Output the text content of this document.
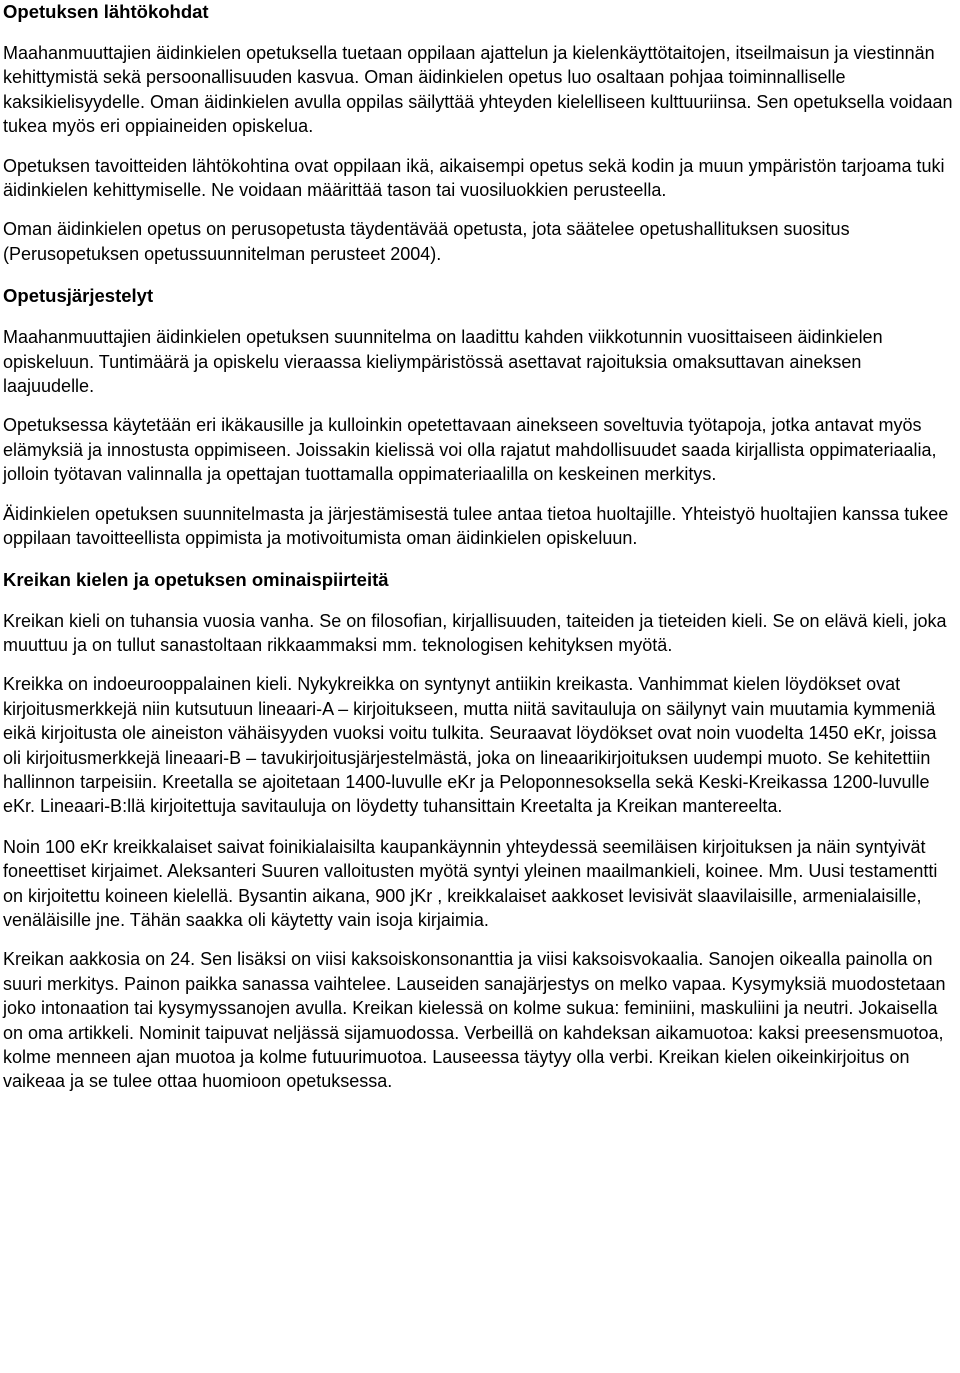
Opetuksen lähtökohdat

Maahanmuuttajien äidinkielen opetuksella tuetaan oppilaan ajattelun ja kielenkäyttötaitojen, itseilmaisun ja viestinnän kehittymistä sekä persoonallisuuden kasvua. Oman äidinkielen opetus luo osaltaan pohjaa toiminnalliselle kaksikielisyydelle. Oman äidinkielen avulla oppilas säilyttää yhteyden kielelliseen kulttuuriinsa. Sen opetuksella voidaan tukea myös eri oppiaineiden opiskelua.

Opetuksen tavoitteiden lähtökohtina ovat oppilaan ikä, aikaisempi opetus sekä kodin ja muun ympäristön tarjoama tuki äidinkielen kehittymiselle. Ne voidaan määrittää tason tai vuosiluokkien perusteella.

Oman äidinkielen opetus on perusopetusta täydentävää opetusta, jota säätelee opetushallituksen suositus (Perusopetuksen opetussuunnitelman perusteet 2004).

Opetusjärjestelyt

Maahanmuuttajien äidinkielen opetuksen suunnitelma on laadittu kahden viikkotunnin vuosittaiseen äidinkielen opiskeluun. Tuntimäärä ja opiskelu vieraassa kieliympäristössä asettavat rajoituksia omaksuttavan aineksen laajuudelle.

Opetuksessa käytetään eri ikäkausille ja kulloinkin opetettavaan ainekseen soveltuvia työtapoja, jotka antavat myös elämyksiä ja innostusta oppimiseen. Joissakin kielissä voi olla rajatut mahdollisuudet saada kirjallista oppimateriaalia, jolloin työtavan valinnalla ja opettajan tuottamalla oppimateriaalilla on keskeinen merkitys.

Äidinkielen opetuksen suunnitelmasta ja järjestämisestä tulee antaa tietoa huoltajille. Yhteistyö huoltajien kanssa tukee oppilaan tavoitteellista oppimista ja motivoitumista oman äidinkielen opiskeluun.

Kreikan kielen ja opetuksen ominaispiirteitä

Kreikan kieli on tuhansia vuosia vanha. Se on filosofian, kirjallisuuden, taiteiden ja tieteiden kieli. Se on elävä kieli, joka muuttuu ja on tullut sanastoltaan rikkaammaksi mm. teknologisen kehityksen myötä.

Kreikka on indoeurooppalainen kieli. Nykykreikka on syntynyt antiikin kreikasta. Vanhimmat kielen löydökset ovat kirjoitusmerkkejä niin kutsutuun lineaari-A – kirjoitukseen, mutta niitä savitauluja on säilynyt vain muutamia kymmeniä eikä kirjoitusta ole aineiston vähäisyyden vuoksi voitu tulkita. Seuraavat löydökset ovat noin vuodelta 1450 eKr, joissa oli kirjoitusmerkkejä lineaari-B – tavukirjoitusjärjestelmästä, joka on lineaarikirjoituksen uudempi muoto. Se kehitettiin hallinnon tarpeisiin. Kreetalla se ajoitetaan 1400-luvulle eKr ja Peloponnesoksella sekä Keski-Kreikassa 1200-luvulle eKr. Lineaari-B:llä kirjoitettuja savitauluja on löydetty tuhansittain Kreetalta ja Kreikan mantereelta.

Noin 100 eKr kreikkalaiset saivat foinikialaisilta kaupankäynnin yhteydessä seemiläisen kirjoituksen ja näin syntyivät foneettiset kirjaimet. Aleksanteri Suuren valloitusten myötä syntyi yleinen maailmankieli, koinee. Mm. Uusi testamentti on kirjoitettu koineen kielellä. Bysantin aikana, 900 jKr , kreikkalaiset aakkoset levisivät slaavilaisille, armenialaisille, venäläisille jne. Tähän saakka oli käytetty vain isoja kirjaimia.

Kreikan aakkosia on 24. Sen lisäksi on viisi kaksoiskonsonanttia ja viisi kaksoisvokaalia. Sanojen oikealla painolla on suuri merkitys. Painon paikka sanassa vaihtelee. Lauseiden sanajärjestys on melko vapaa. Kysymyksiä muodostetaan joko intonaation tai kysymyssanojen avulla. Kreikan kielessä on kolme sukua: feminiini, maskuliini ja neutri. Jokaisella on oma artikkeli. Nominit taipuvat neljässä sijamuodossa. Verbeillä on kahdeksan aikamuotoa: kaksi preesensmuotoa, kolme menneen ajan muotoa ja kolme futuurimuotoa. Lauseessa täytyy olla verbi. Kreikan kielen oikeinkirjoitus on vaikeaa ja se tulee ottaa huomioon opetuksessa.
